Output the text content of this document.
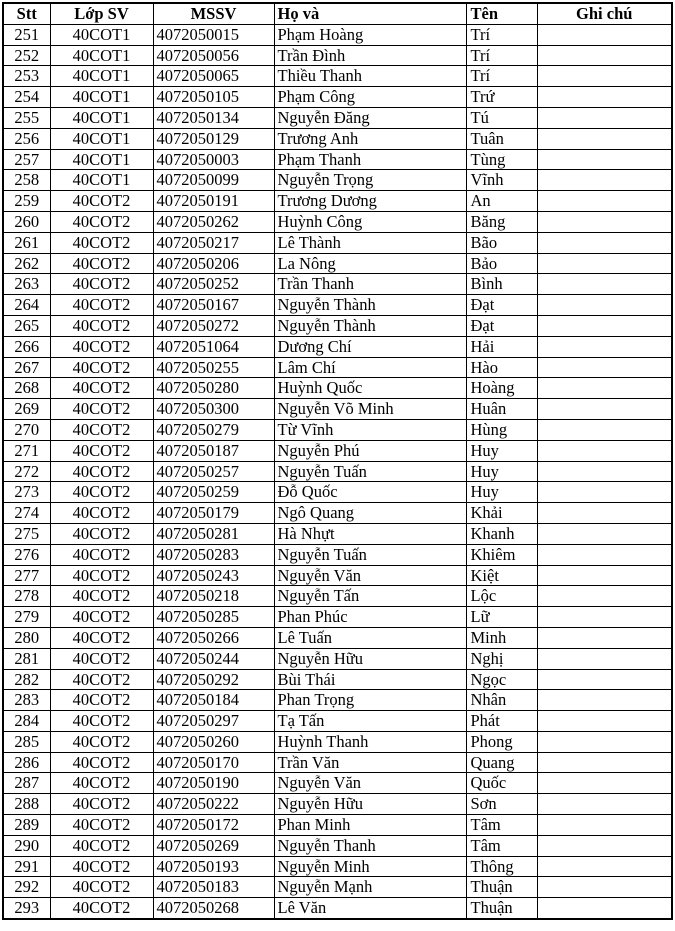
Stt	Lớp SV	MSSV	Họ và	Tên	Ghi chú
251	40COT1	4072050015	Phạm Hoàng	Trí	
252	40COT1	4072050056	Trần Đình	Trí	
253	40COT1	4072050065	Thiều Thanh	Trí	
254	40COT1	4072050105	Phạm Công	Trứ	
255	40COT1	4072050134	Nguyễn Đăng	Tú	
256	40COT1	4072050129	Trương Anh	Tuân	
257	40COT1	4072050003	Phạm Thanh	Tùng	
258	40COT1	4072050099	Nguyễn Trọng	Vĩnh	
259	40COT2	4072050191	Trương Dương	An	
260	40COT2	4072050262	Huỳnh Công	Băng	
261	40COT2	4072050217	Lê Thành	Bão	
262	40COT2	4072050206	La Nông	Bảo	
263	40COT2	4072050252	Trần Thanh	Bình	
264	40COT2	4072050167	Nguyễn Thành	Đạt	
265	40COT2	4072050272	Nguyễn Thành	Đạt	
266	40COT2	4072051064	Dương Chí	Hải	
267	40COT2	4072050255	Lâm Chí	Hào	
268	40COT2	4072050280	Huỳnh Quốc	Hoàng	
269	40COT2	4072050300	Nguyễn Võ Minh	Huân	
270	40COT2	4072050279	Từ Vĩnh	Hùng	
271	40COT2	4072050187	Nguyễn Phú	Huy	
272	40COT2	4072050257	Nguyễn Tuấn	Huy	
273	40COT2	4072050259	Đỗ Quốc	Huy	
274	40COT2	4072050179	Ngô Quang	Khải	
275	40COT2	4072050281	Hà Nhựt	Khanh	
276	40COT2	4072050283	Nguyễn Tuấn	Khiêm	
277	40COT2	4072050243	Nguyễn Văn	Kiệt	
278	40COT2	4072050218	Nguyễn Tấn	Lộc	
279	40COT2	4072050285	Phan Phúc	Lữ	
280	40COT2	4072050266	Lê Tuấn	Minh	
281	40COT2	4072050244	Nguyễn Hữu	Nghị	
282	40COT2	4072050292	Bùi Thái	Ngọc	
283	40COT2	4072050184	Phan Trọng	Nhân	
284	40COT2	4072050297	Tạ Tấn	Phát	
285	40COT2	4072050260	Huỳnh Thanh	Phong	
286	40COT2	4072050170	Trần Văn	Quang	
287	40COT2	4072050190	Nguyễn Văn	Quốc	
288	40COT2	4072050222	Nguyễn Hữu	Sơn	
289	40COT2	4072050172	Phan Minh	Tâm	
290	40COT2	4072050269	Nguyễn Thanh	Tâm	
291	40COT2	4072050193	Nguyễn Minh	Thông	
292	40COT2	4072050183	Nguyễn Mạnh	Thuận	
293	40COT2	4072050268	Lê Văn	Thuận	
